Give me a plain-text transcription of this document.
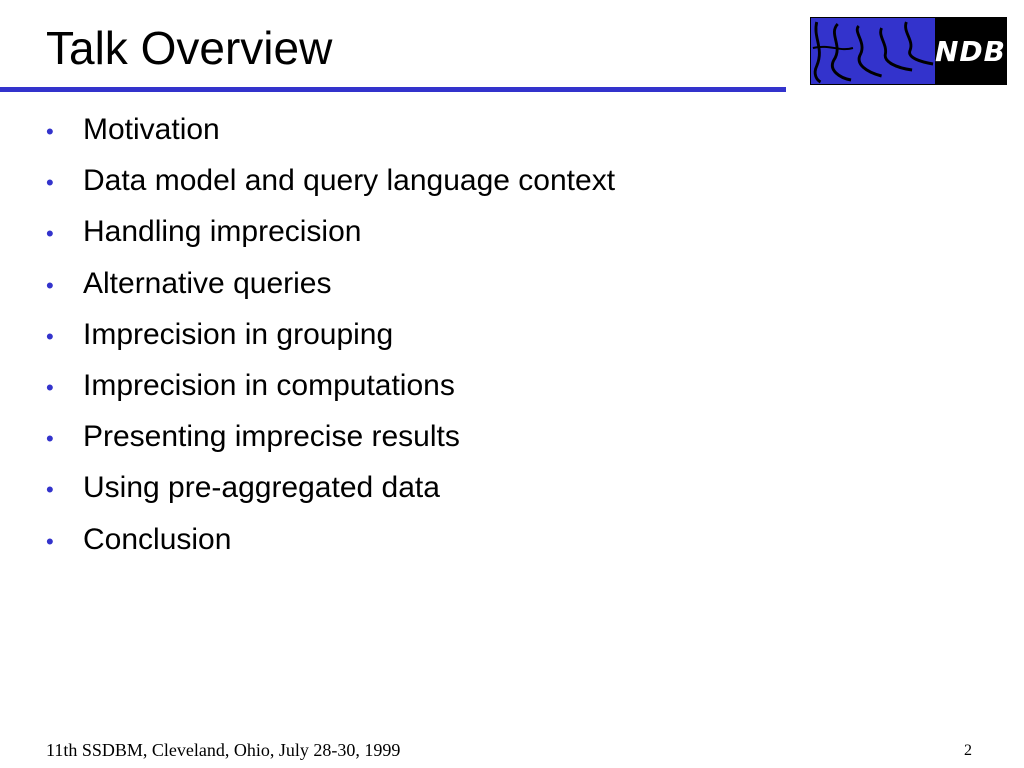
Talk Overview	NDB
• Motivation
• Data model and query language context
• Handling imprecision
• Alternative queries
• Imprecision in grouping
• Imprecision in computations
• Presenting imprecise results
• Using pre-aggregated data
• Conclusion
11th SSDBM, Cleveland, Ohio, July 28-30, 1999	2
